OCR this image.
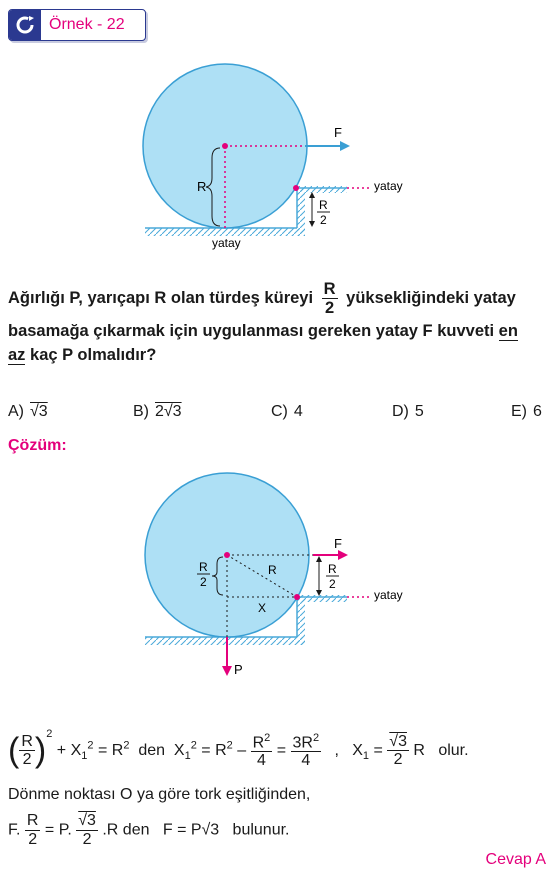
Örnek - 22
F
R
R
2
yatay
yatay
Ağırlığı P, yarıçapı R olan türdeş küreyi $\frac{R}{2}$ yüksekliğindeki yatay
basamağa çıkarmak için uygulanması gereken yatay F kuvveti en
az kaç P olmalıdır?
A) √3	B) 2√3	C) 4	D) 5	E) 6
Çözüm:
F
P
R
2
R
X
R
2
yatay
( $\frac{R}{2} )^2 + X_1^2 = R^2$ den $X_1^2 = R^2 - \frac{R^2}{4} = \frac{3R^2}{4}$ , $X_1 = \frac{√3}{2}$ R olur.
Dönme noktası O ya göre tork eşitliğinden,
F. $\frac{R}{2} = P$. $\frac{√3}{2} .R$ den F = P√3 bulunur.
Cevap A
